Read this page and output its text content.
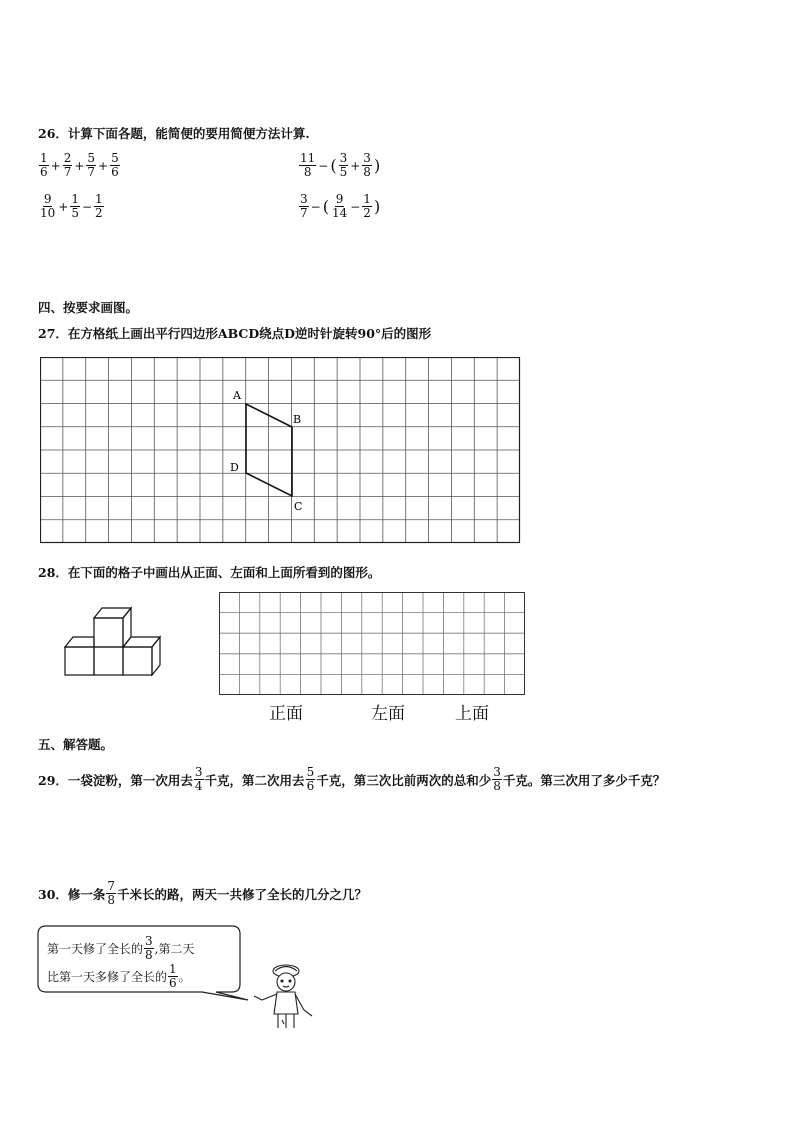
26．计算下面各题，能简便的要用简便方法计算.
$\frac{1}{6} + \frac{2}{7} + \frac{5}{7} + \frac{5}{6}$	$\frac{11}{8}$ − ( $\frac{3}{5} + \frac{3}{8}$ )
$\frac{9}{10} + \frac{1}{5} - \frac{1}{2}$	$\frac{3}{7}$ − ( $\frac{9}{14} - \frac{1}{2}$ )
四、按要求画图。
27．在方格纸上画出平行四边形ABCD绕点D逆时针旋转90°后的图形
A
B
C
D
28．在下面的格子中画出从正面、左面和上面所看到的图形。
正面	左面	上面
五、解答题。
29．一袋淀粉，第一次用去 $\frac{3}{4}$ 千克，第二次用去 $\frac{5}{6}$ 千克，第三次比前两次的总和少 $\frac{3}{8}$ 千克。第三次用了多少千克？
30．修一条 $\frac{7}{8}$ 千米长的路，两天一共修了全长的几分之几？
第一天修了全长的 $\frac{3}{8}$ ,第二天
比第一天多修了全长的 $\frac{1}{6}$ 。
